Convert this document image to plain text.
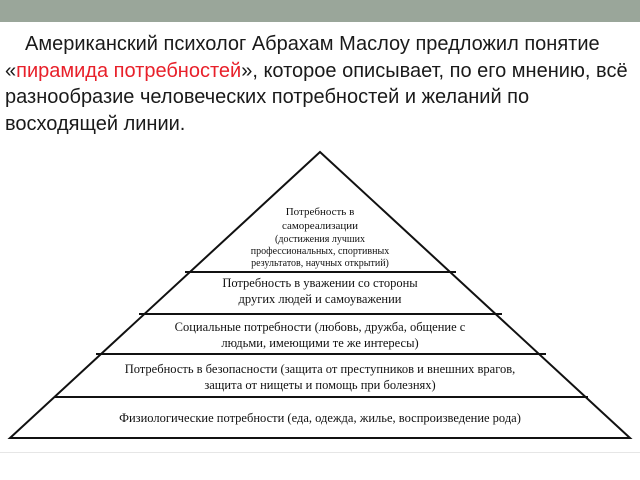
Американский психолог Абрахам Маслоу предложил понятие «пирамида потребностей», которое описывает, по его мнению, всё разнообразие человеческих потребностей и желаний по восходящей линии.

Потребность в
самореализации
(достижения лучших
профессиональных, спортивных
результатов, научных открытий)
Потребность в уважении со стороны
других людей и самоуважении
Социальные потребности (любовь, дружба, общение с
людьми, имеющими те же интересы)
Потребность в безопасности (защита от преступников и внешних врагов,
защита от нищеты и помощь при болезнях)
Физиологические потребности (еда, одежда, жилье, воспроизведение рода)
